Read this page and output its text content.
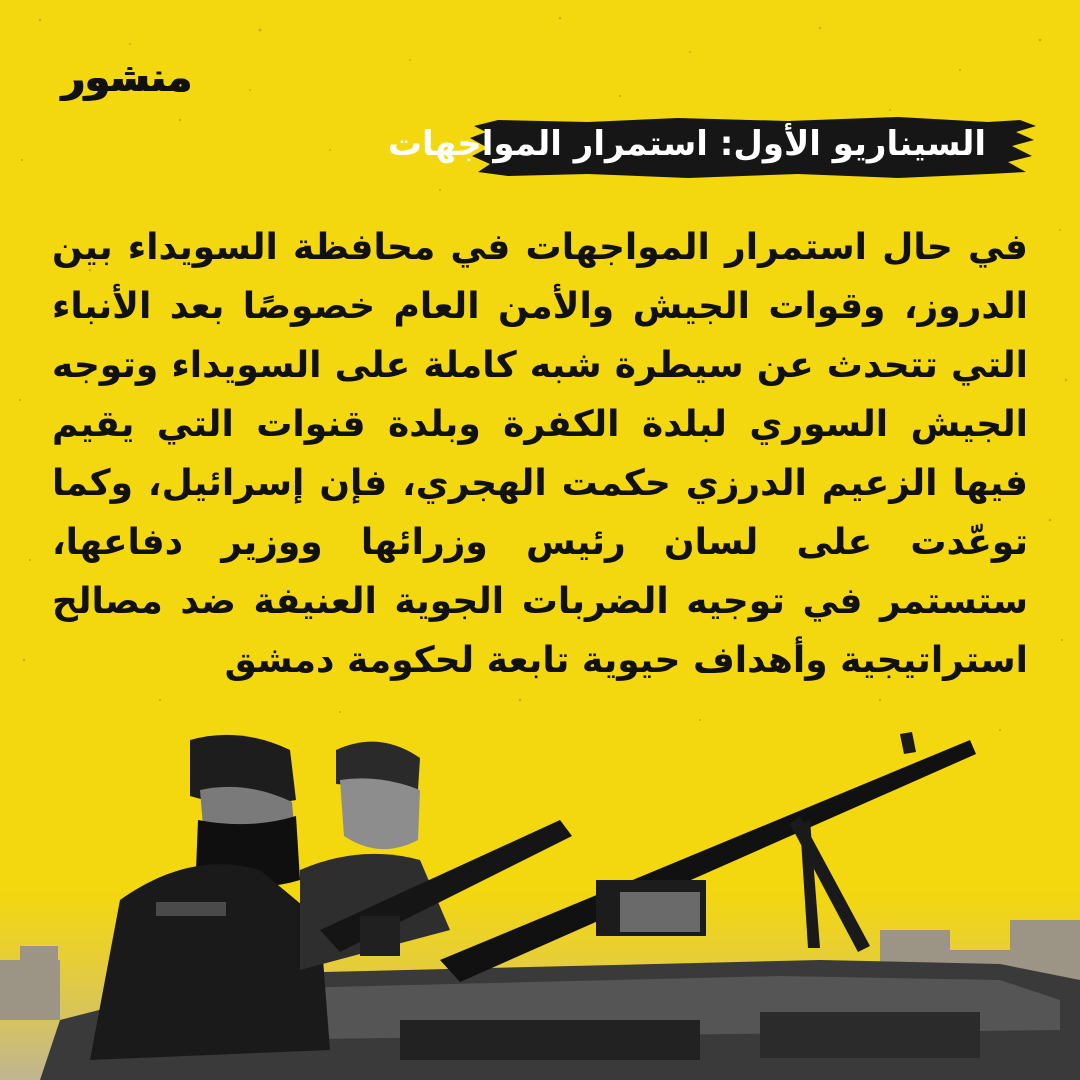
منشور
السيناريو الأول: استمرار المواجهات

في حال استمرار المواجهات في محافظة السويداء بين الدروز، وقوات الجيش والأمن العام خصوصًا بعد الأنباء التي تتحدث عن سيطرة شبه كاملة على السويداء وتوجه الجيش السوري لبلدة الكفرة وبلدة قنوات التي يقيم فيها الزعيم الدرزي حكمت الهجري، فإن إسرائيل، وكما توعّدت على لسان رئيس وزرائها ووزير دفاعها، ستستمر في توجيه الضربات الجوية العنيفة ضد مصالح استراتيجية وأهداف حيوية تابعة لحكومة دمشق
